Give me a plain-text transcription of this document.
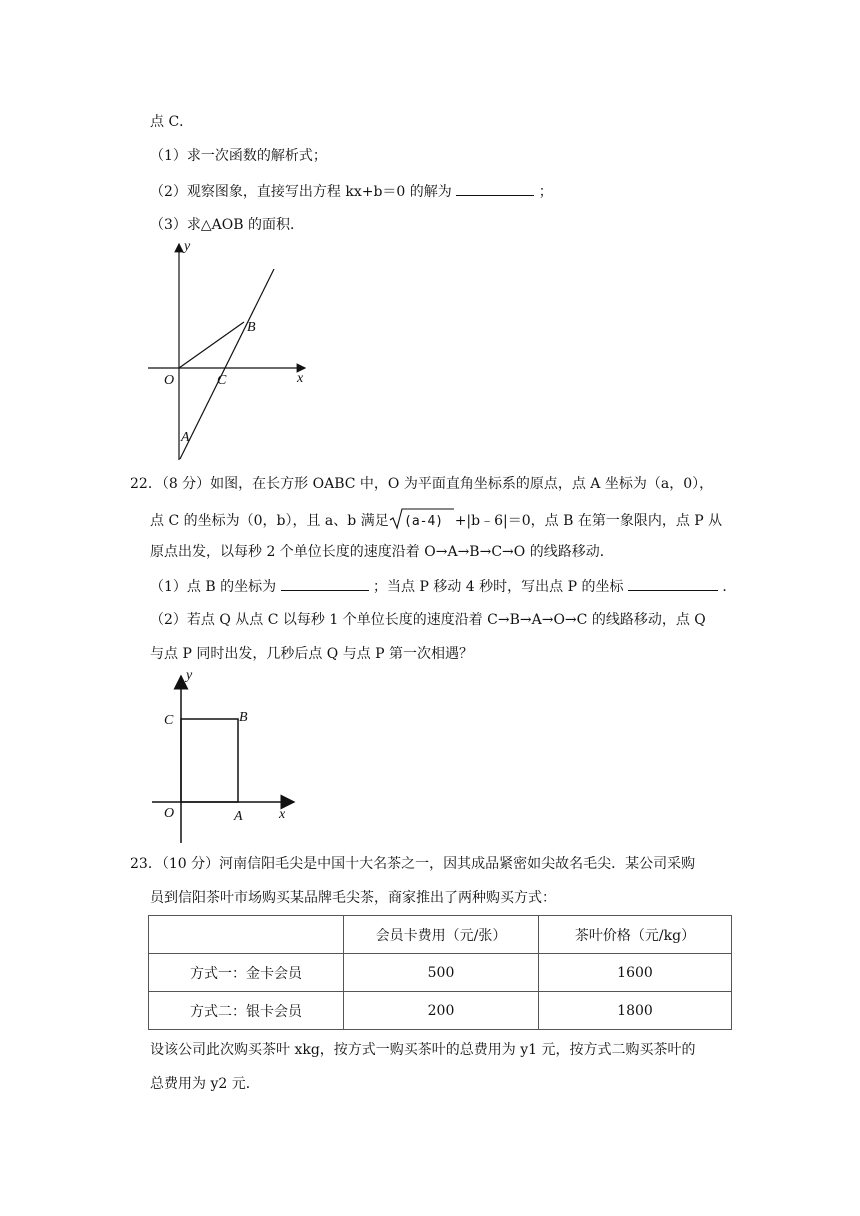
点 C．
（1）求一次函数的解析式；
（2）观察图象，直接写出方程 kx+b＝0 的解为	；
（3）求△AOB 的面积．
y
x
O	C
B
A
22．（8 分）如图，在长方形 OABC 中，O 为平面直角坐标系的原点，点 A 坐标为（a，0），
点 C 的坐标为（0，b），且 a、b 满足 (a-4) +|b﹣6|＝0，点 B 在第一象限内，点 P 从
原点出发，以每秒 2 个单位长度的速度沿着 O→A→B→C→O 的线路移动．
（1）点 B 的坐标为	；当点 P 移动 4 秒时，写出点 P 的坐标	．
（2）若点 Q 从点 C 以每秒 1 个单位长度的速度沿着 C→B→A→O→C 的线路移动，点 Q
与点 P 同时出发，几秒后点 Q 与点 P 第一次相遇？
y
x
O	A
B
C
23．（10 分）河南信阳毛尖是中国十大名茶之一，因其成品紧密如尖故名毛尖．某公司采购
员到信阳茶叶市场购买某品牌毛尖茶，商家推出了两种购买方式：
	会员卡费用（元/张）	茶叶价格（元/kg）
方式一：金卡会员	500	1600
方式二：银卡会员	200	1800
设该公司此次购买茶叶 xkg，按方式一购买茶叶的总费用为 y1 元，按方式二购买茶叶的
总费用为 y2 元．
